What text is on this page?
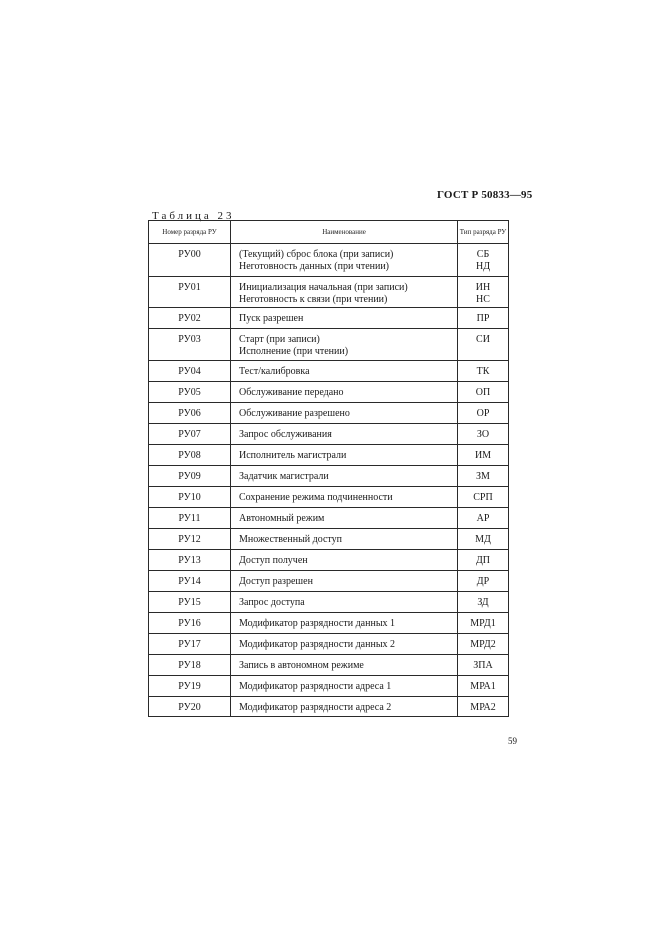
ГОСТ Р 50833—95
Таблица 23
Номер разряда РУ	Наименование	Тип разряда РУ
РУ00	(Текущий) сброс блока (при записи)
Неготовность данных (при чтении)	СБ
НД

РУ01	Инициализация начальная (при записи)
Неготовность к связи (при чтении)	ИН
НС

РУ02	Пуск разрешен	ПР

РУ03	Старт (при записи)
Исполнение (при чтении)	СИ

РУ04	Тест/калибровка	ТК

РУ05	Обслуживание передано	ОП

РУ06	Обслуживание разрешено	ОР

РУ07	Запрос обслуживания	ЗО

РУ08	Исполнитель магистрали	ИМ

РУ09	Задатчик магистрали	ЗМ

РУ10	Сохранение режима подчиненности	СРП

РУ11	Автономный режим	АР

РУ12	Множественный доступ	МД

РУ13	Доступ получен	ДП

РУ14	Доступ разрешен	ДР

РУ15	Запрос доступа	ЗД

РУ16	Модификатор разрядности данных 1	МРД1

РУ17	Модификатор разрядности данных 2	МРД2

РУ18	Запись в автономном режиме	ЗПА

РУ19	Модификатор разрядности адреса 1	МРА1

РУ20	Модификатор разрядности адреса 2	МРА2
59
